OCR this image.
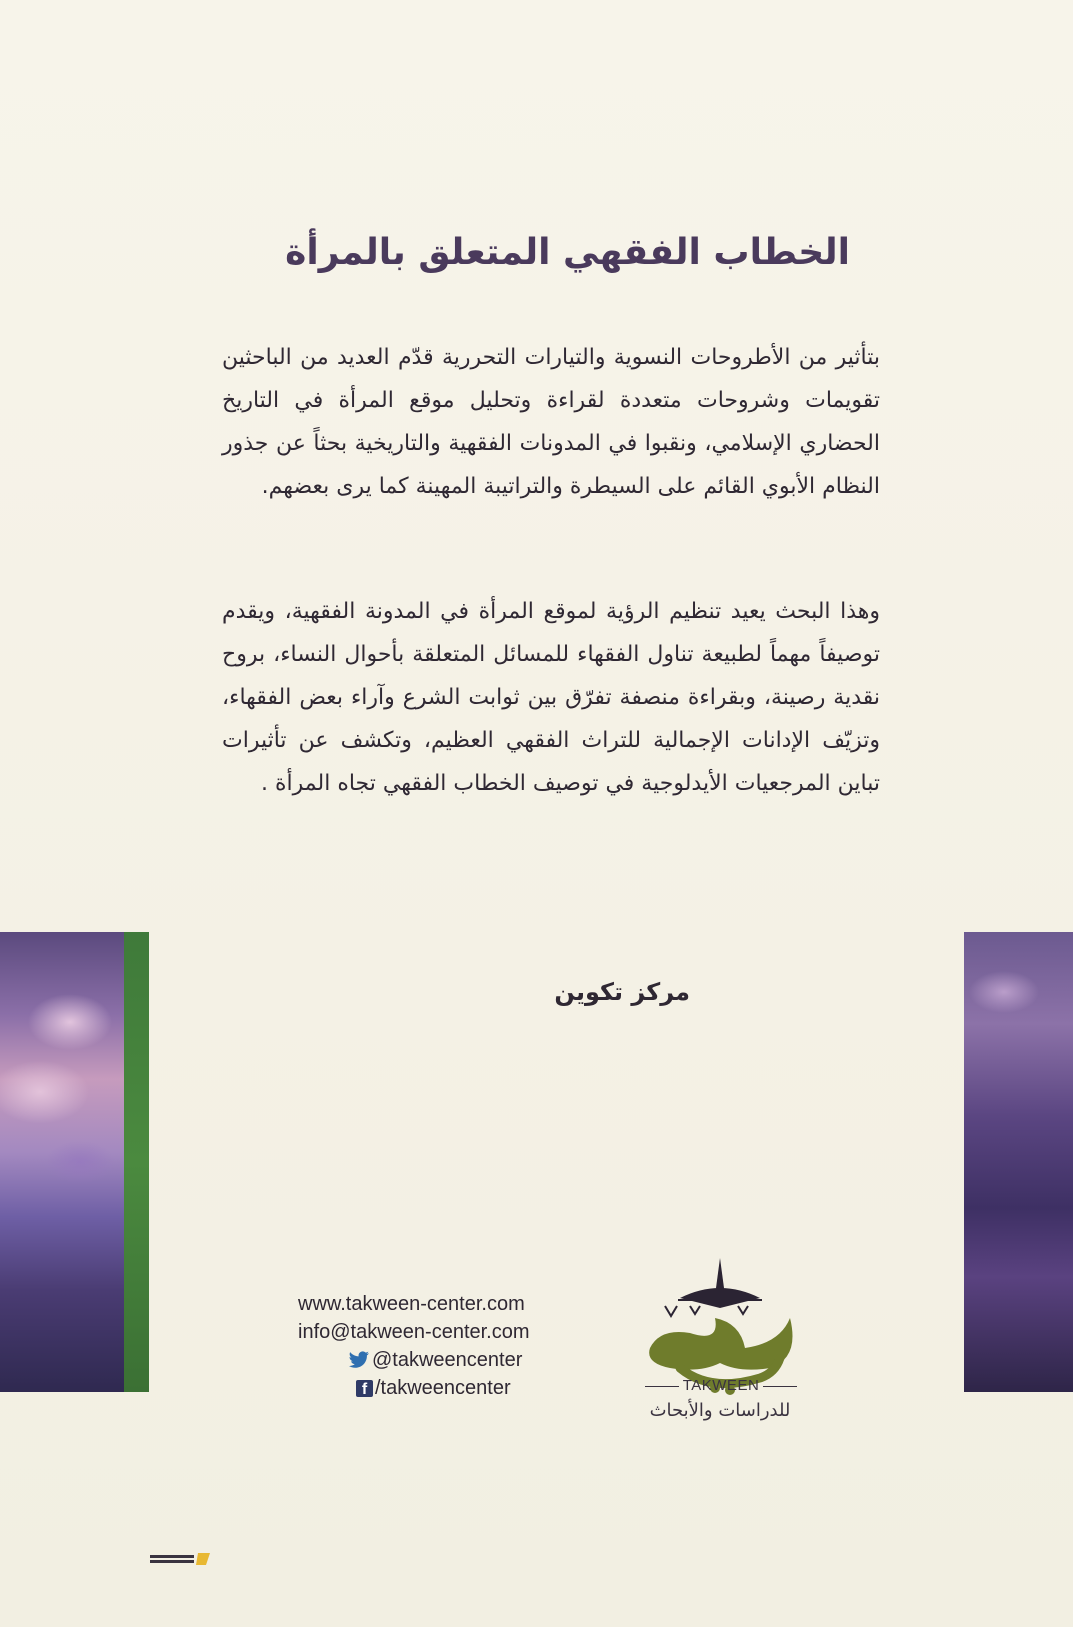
الخطاب الفقهي المتعلق بالمرأة
بتأثير من الأطروحات النسوية والتيارات التحررية قدّم العديد من الباحثين تقويمات وشروحات متعددة لقراءة وتحليل موقع المرأة في التاريخ الحضاري الإسلامي، ونقبوا في المدونات الفقهية والتاريخية بحثاً عن جذور النظام الأبوي القائم على السيطرة والتراتيبة المهينة كما يرى بعضهم.
وهذا البحث يعيد تنظيم الرؤية لموقع المرأة في المدونة الفقهية، ويقدم توصيفاً مهماً لطبيعة تناول الفقهاء للمسائل المتعلقة بأحوال النساء، بروح نقدية رصينة، وبقراءة منصفة تفرّق بين ثوابت الشرع وآراء بعض الفقهاء، وتزيّف الإدانات الإجمالية للتراث الفقهي العظيم، وتكشف عن تأثيرات تباين المرجعيات الأيدلوجية في توصيف الخطاب الفقهي تجاه المرأة .
مركز تكوين
www.takween-center.com
info@takween-center.com
@takweencenter
f /takweencenter	TAKWEEN
للدراسات والأبحاث
